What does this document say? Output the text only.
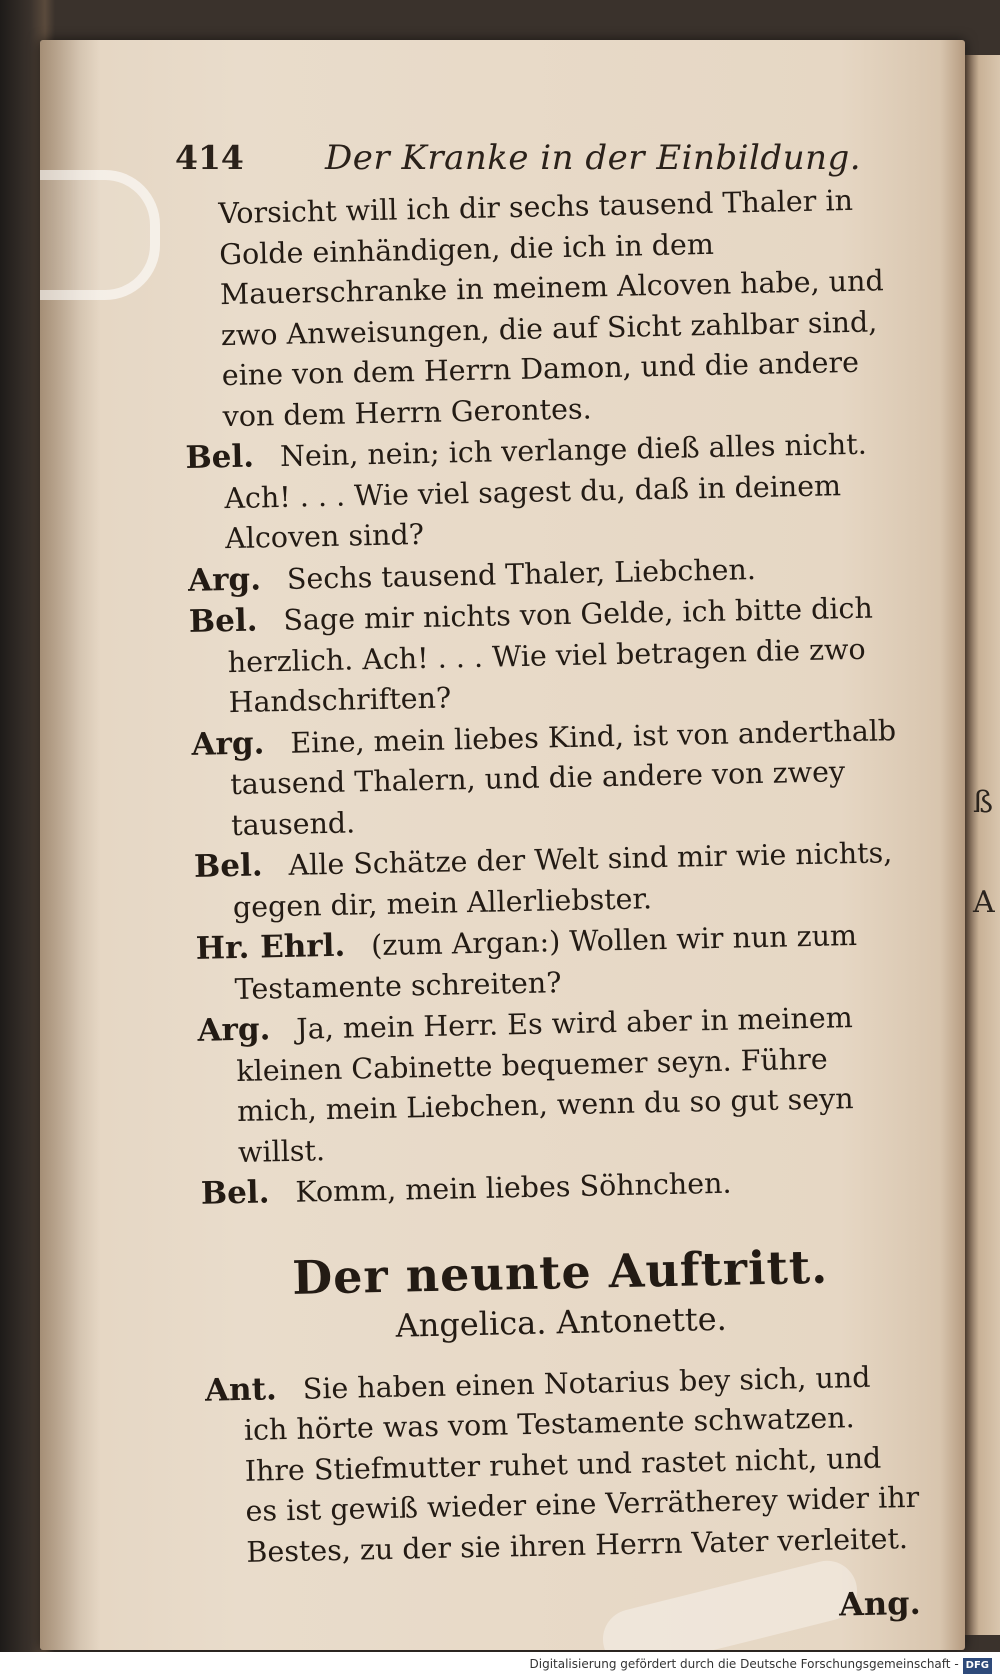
ß
A
414 Der Kranke in der Einbildung.

Vorsicht will ich dir sechs tausend Thaler in Golde einhändigen, die ich in dem Mauerschranke in meinem Alcoven habe, und zwo Anweisungen, die auf Sicht zahlbar sind, eine von dem Herrn Damon, und die andere von dem Herrn Gerontes.

Bel. Nein, nein; ich verlange dieß alles nicht. Ach! . . . Wie viel sagest du, daß in deinem Alcoven sind?

Arg. Sechs tausend Thaler, Liebchen.

Bel. Sage mir nichts von Gelde, ich bitte dich herzlich. Ach! . . . Wie viel betragen die zwo Handschriften?

Arg. Eine, mein liebes Kind, ist von anderthalb tausend Thalern, und die andere von zwey tausend.

Bel. Alle Schätze der Welt sind mir wie nichts, gegen dir, mein Allerliebster.

Hr. Ehrl. (zum Argan:) Wollen wir nun zum Testamente schreiten?

Arg. Ja, mein Herr. Es wird aber in meinem kleinen Cabinette bequemer seyn. Führe mich, mein Liebchen, wenn du so gut seyn willst.

Bel. Komm, mein liebes Söhnchen.

Der neunte Auftritt.
Angelica. Antonette.

Ant. Sie haben einen Notarius bey sich, und ich hörte was vom Testamente schwatzen. Ihre Stiefmutter ruhet und rastet nicht, und es ist gewiß wieder eine Verrätherey wider ihr Bestes, zu der sie ihren Herrn Vater verleitet.

Ang.
Digitalisierung gefördert durch die Deutsche Forschungsgemeinschaft - DFG
